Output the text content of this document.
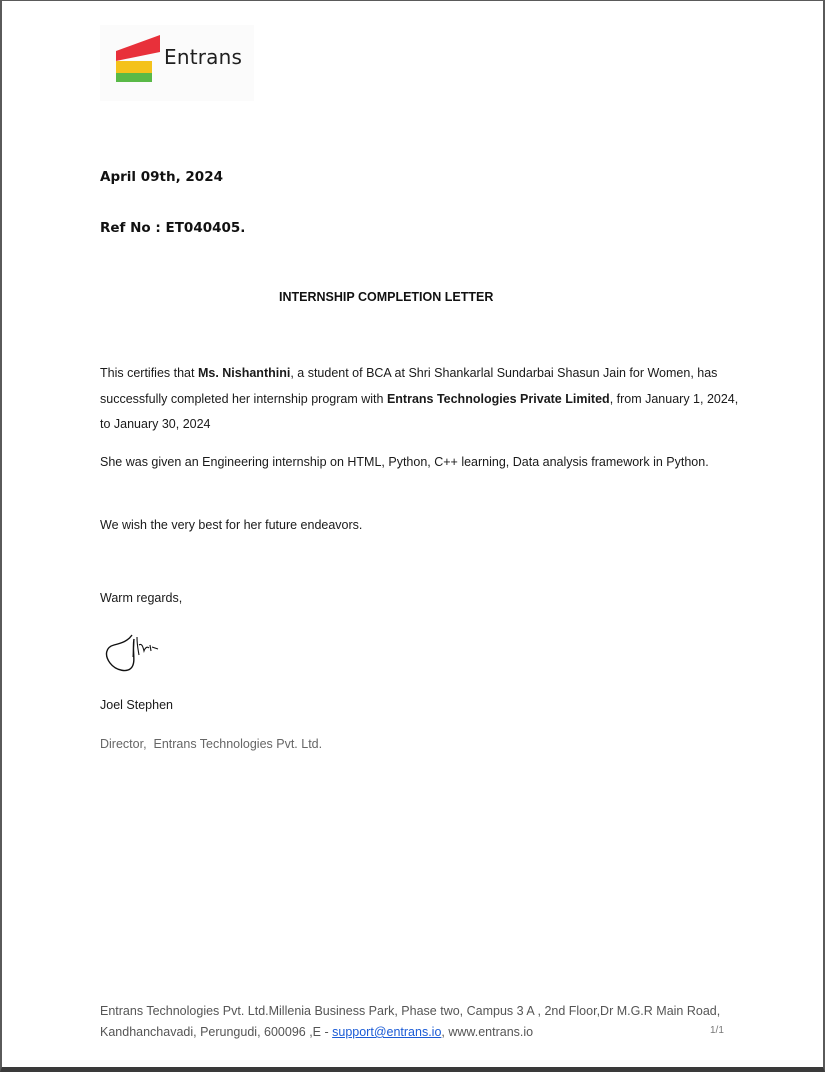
Entrans
April 09th, 2024
Ref No : ET040405.
INTERNSHIP COMPLETION LETTER
This certifies that Ms. Nishanthini, a student of BCA at Shri Shankarlal Sundarbai Shasun Jain for Women, has successfully completed her internship program with Entrans Technologies Private Limited, from January 1, 2024, to January 30, 2024
She was given an Engineering internship on HTML, Python, C++ learning, Data analysis framework in Python.
We wish the very best for her future endeavors.
Warm regards,
Joel Stephen
Director,  Entrans Technologies Pvt. Ltd.
Entrans Technologies Pvt. Ltd.Millenia Business Park, Phase two, Campus 3 A , 2nd Floor,Dr M.G.R Main Road, Kandhanchavadi, Perungudi, 600096 ,E - support@entrans.io, www.entrans.io	1/1
